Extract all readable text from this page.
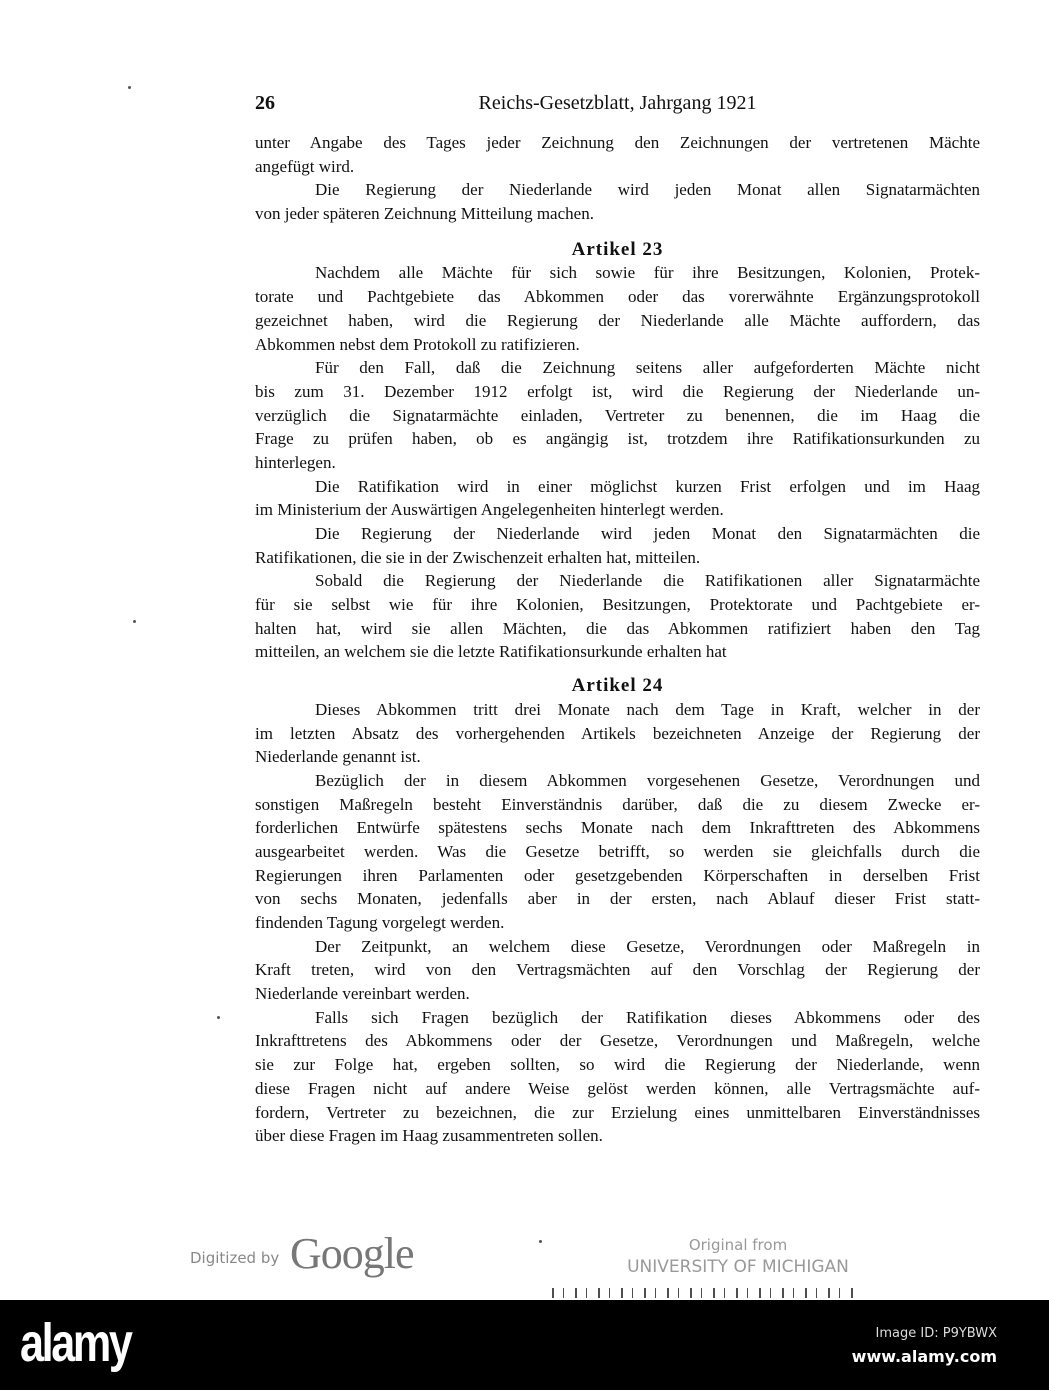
26	Reichs-Gesetzblatt, Jahrgang 1921
unter Angabe des Tages jeder Zeichnung den Zeichnungen der vertretenen Mächte
angefügt wird.
Die Regierung der Niederlande wird jeden Monat allen Signatarmächten
von jeder späteren Zeichnung Mitteilung machen.
Artikel 23
Nachdem alle Mächte für sich sowie für ihre Besitzungen, Kolonien, Protek-
torate und Pachtgebiete das Abkommen oder das vorerwähnte Ergänzungsprotokoll
gezeichnet haben, wird die Regierung der Niederlande alle Mächte auffordern, das
Abkommen nebst dem Protokoll zu ratifizieren.
Für den Fall, daß die Zeichnung seitens aller aufgeforderten Mächte nicht
bis zum 31. Dezember 1912 erfolgt ist, wird die Regierung der Niederlande un-
verzüglich die Signatarmächte einladen, Vertreter zu benennen, die im Haag die
Frage zu prüfen haben, ob es angängig ist, trotzdem ihre Ratifikationsurkunden zu
hinterlegen.
Die Ratifikation wird in einer möglichst kurzen Frist erfolgen und im Haag
im Ministerium der Auswärtigen Angelegenheiten hinterlegt werden.
Die Regierung der Niederlande wird jeden Monat den Signatarmächten die
Ratifikationen, die sie in der Zwischenzeit erhalten hat, mitteilen.
Sobald die Regierung der Niederlande die Ratifikationen aller Signatarmächte
für sie selbst wie für ihre Kolonien, Besitzungen, Protektorate und Pachtgebiete er-
halten hat, wird sie allen Mächten, die das Abkommen ratifiziert haben den Tag
mitteilen, an welchem sie die letzte Ratifikationsurkunde erhalten hat
Artikel 24
Dieses Abkommen tritt drei Monate nach dem Tage in Kraft, welcher in der
im letzten Absatz des vorhergehenden Artikels bezeichneten Anzeige der Regierung der
Niederlande genannt ist.
Bezüglich der in diesem Abkommen vorgesehenen Gesetze, Verordnungen und
sonstigen Maßregeln besteht Einverständnis darüber, daß die zu diesem Zwecke er-
forderlichen Entwürfe spätestens sechs Monate nach dem Inkrafttreten des Abkommens
ausgearbeitet werden. Was die Gesetze betrifft, so werden sie gleichfalls durch die
Regierungen ihren Parlamenten oder gesetzgebenden Körperschaften in derselben Frist
von sechs Monaten, jedenfalls aber in der ersten, nach Ablauf dieser Frist statt-
findenden Tagung vorgelegt werden.
Der Zeitpunkt, an welchem diese Gesetze, Verordnungen oder Maßregeln in
Kraft treten, wird von den Vertragsmächten auf den Vorschlag der Regierung der
Niederlande vereinbart werden.
Falls sich Fragen bezüglich der Ratifikation dieses Abkommens oder des
Inkrafttretens des Abkommens oder der Gesetze, Verordnungen und Maßregeln, welche
sie zur Folge hat, ergeben sollten, so wird die Regierung der Niederlande, wenn
diese Fragen nicht auf andere Weise gelöst werden können, alle Vertragsmächte auf-
fordern, Vertreter zu bezeichnen, die zur Erzielung eines unmittelbaren Einverständnisses
über diese Fragen im Haag zusammentreten sollen.
Digitized by Google	Original from
UNIVERSITY OF MICHIGAN
alamy	Image ID: P9YBWX
www.alamy.com
